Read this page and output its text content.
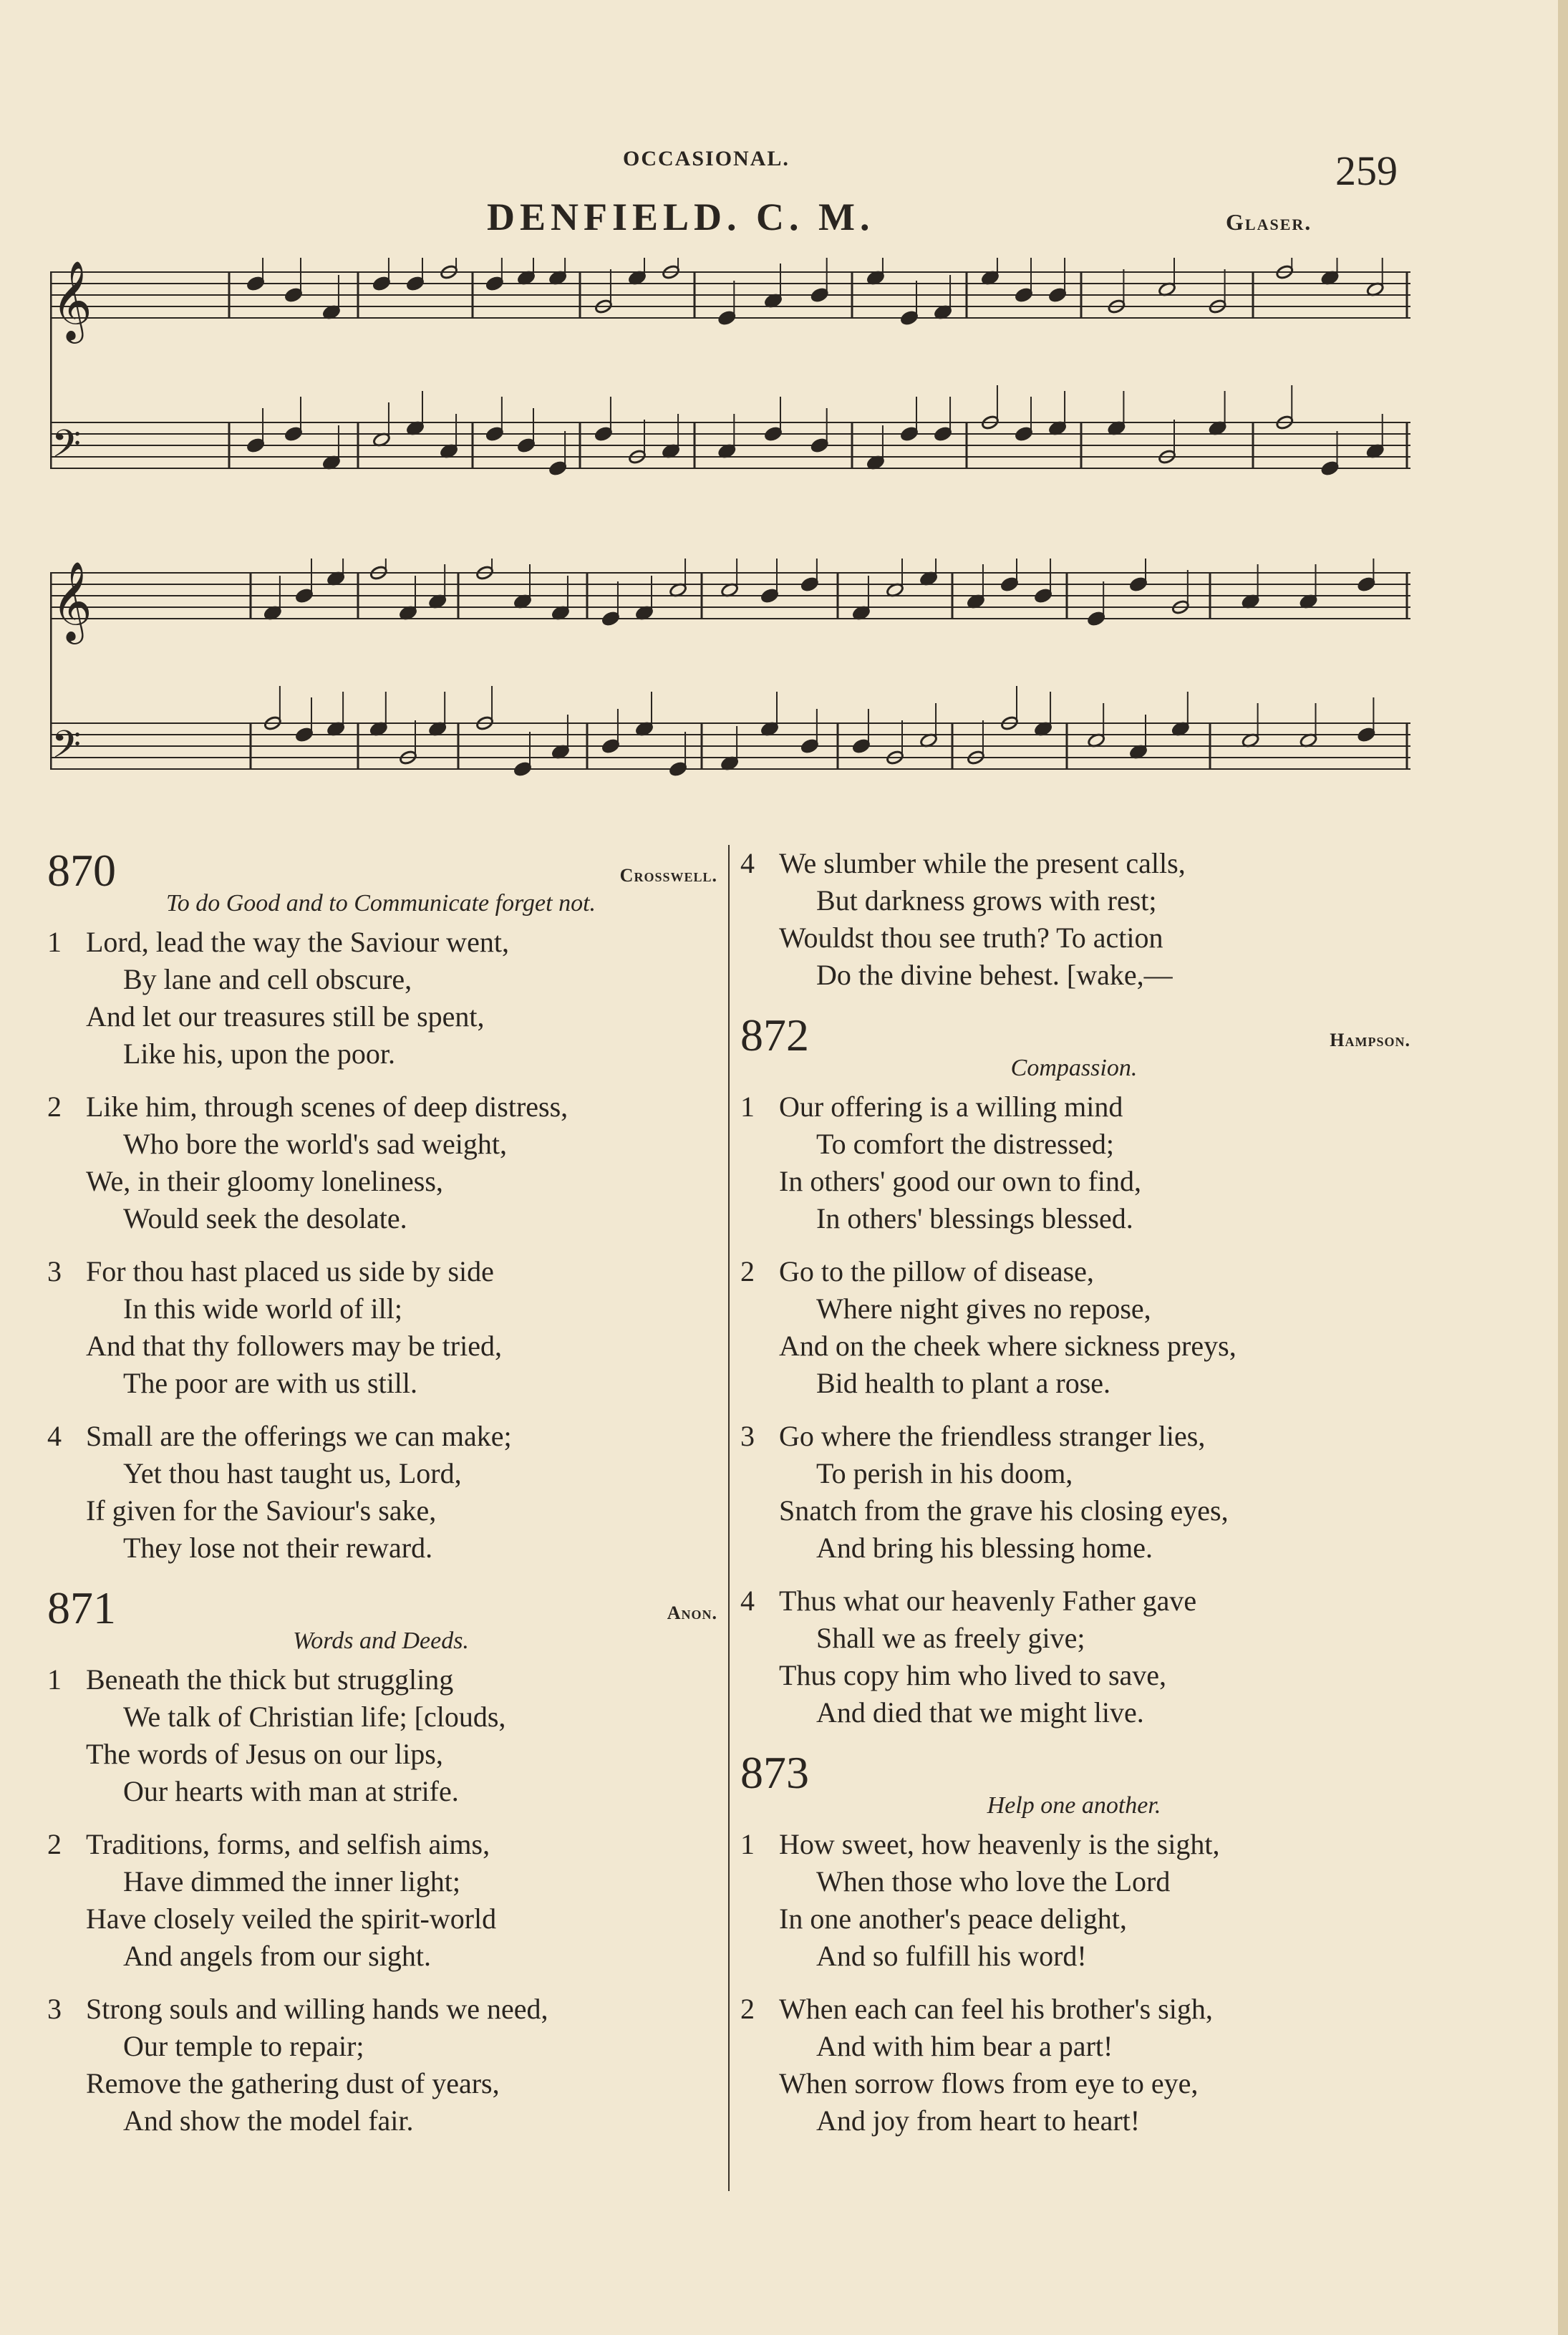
OCCASIONAL.	259
DENFIELD. C. M.	Glaser.
𝄞
𝄢
𝄞
𝄢
870	Crosswell.
To do Good and to Communicate forget not.
1 Lord, lead the way the Saviour went,
By lane and cell obscure,
And let our treasures still be spent,
Like his, upon the poor.
2 Like him, through scenes of deep distress,
Who bore the world's sad weight,
We, in their gloomy loneliness,
Would seek the desolate.
3 For thou hast placed us side by side
In this wide world of ill;
And that thy followers may be tried,
The poor are with us still.
4 Small are the offerings we can make;
Yet thou hast taught us, Lord,
If given for the Saviour's sake,
They lose not their reward.
871	Anon.
Words and Deeds.
1 Beneath the thick but struggling
We talk of Christian life; [clouds,
The words of Jesus on our lips,
Our hearts with man at strife.
2 Traditions, forms, and selfish aims,
Have dimmed the inner light;
Have closely veiled the spirit-world
And angels from our sight.
3 Strong souls and willing hands we need,
Our temple to repair;
Remove the gathering dust of years,
And show the model fair.
4 We slumber while the present calls,
But darkness grows with rest;
Wouldst thou see truth? To action
Do the divine behest. [wake,—
872	Hampson.
Compassion.
1 Our offering is a willing mind
To comfort the distressed;
In others' good our own to find,
In others' blessings blessed.
2 Go to the pillow of disease,
Where night gives no repose,
And on the cheek where sickness preys,
Bid health to plant a rose.
3 Go where the friendless stranger lies,
To perish in his doom,
Snatch from the grave his closing eyes,
And bring his blessing home.
4 Thus what our heavenly Father gave
Shall we as freely give;
Thus copy him who lived to save,
And died that we might live.
873
Help one another.
1 How sweet, how heavenly is the sight,
When those who love the Lord
In one another's peace delight,
And so fulfill his word!
2 When each can feel his brother's sigh,
And with him bear a part!
When sorrow flows from eye to eye,
And joy from heart to heart!
